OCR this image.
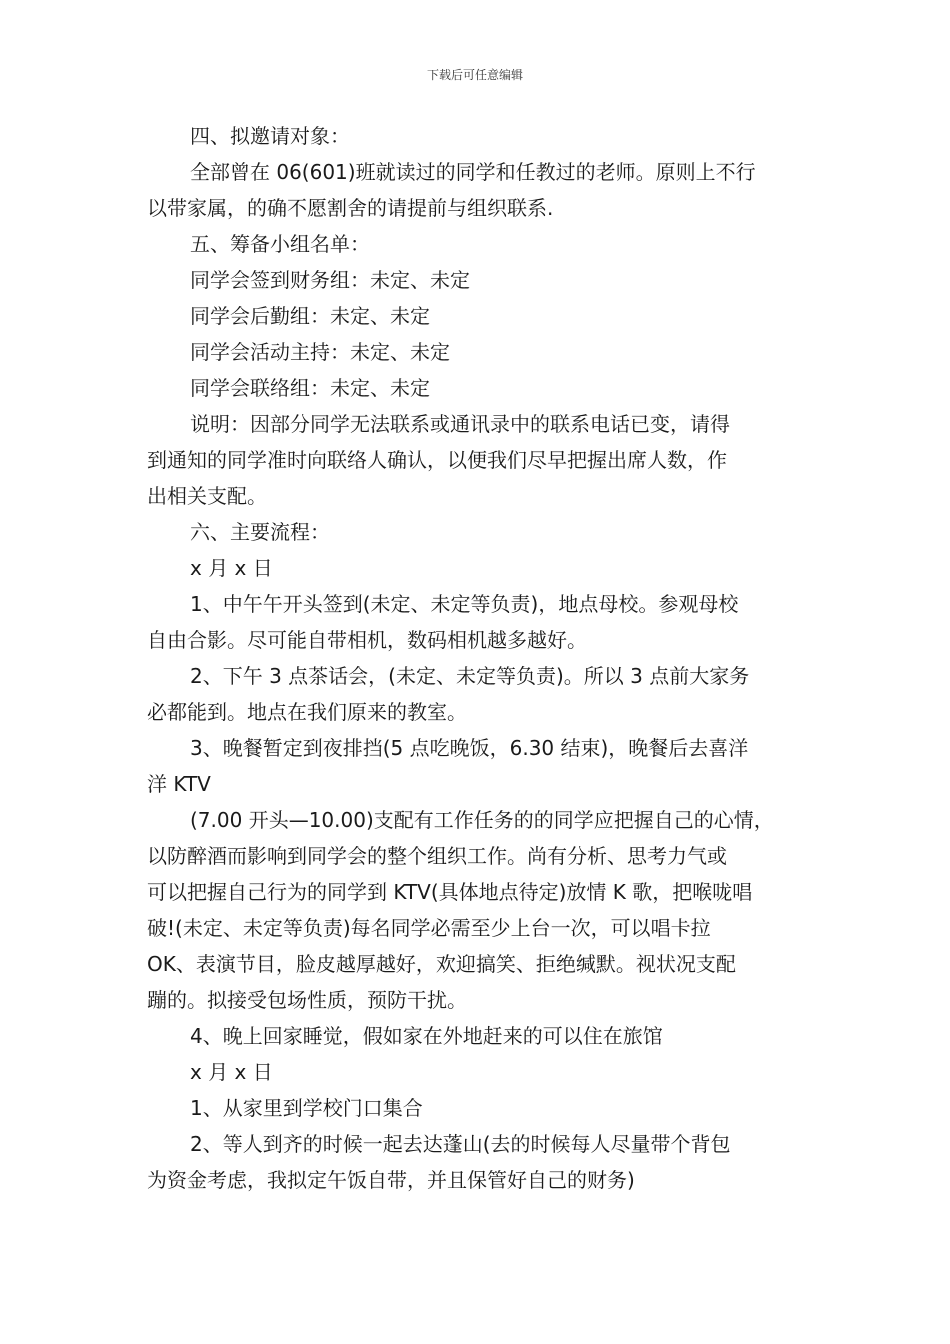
下载后可任意编辑
四、拟邀请对象：
全部曾在 06(601)班就读过的同学和任教过的老师。原则上不行
以带家属，的确不愿割舍的请提前与组织联系.
五、筹备小组名单：
同学会签到财务组：未定、未定
同学会后勤组：未定、未定
同学会活动主持：未定、未定
同学会联络组：未定、未定
说明：因部分同学无法联系或通讯录中的联系电话已变，请得
到通知的同学准时向联络人确认，以便我们尽早把握出席人数，作
出相关支配。
六、主要流程：
x 月 x 日
1、中午午开头签到(未定、未定等负责)，地点母校。参观母校
自由合影。尽可能自带相机，数码相机越多越好。
2、下午 3 点茶话会，(未定、未定等负责)。所以 3 点前大家务
必都能到。地点在我们原来的教室。
3、晚餐暂定到夜排挡(5 点吃晚饭，6.30 结束)，晚餐后去喜洋
洋 KTV
(7.00 开头—10.00)支配有工作任务的的同学应把握自己的心情，
以防醉酒而影响到同学会的整个组织工作。尚有分析、思考力气或
可以把握自己行为的同学到 KTV(具体地点待定)放情 K 歌，把喉咙唱
破!(未定、未定等负责)每名同学必需至少上台一次，可以唱卡拉
OK、表演节目，脸皮越厚越好，欢迎搞笑、拒绝缄默。视状况支配
蹦的。拟接受包场性质，预防干扰。
4、晚上回家睡觉，假如家在外地赶来的可以住在旅馆
x 月 x 日
1、从家里到学校门口集合
2、等人到齐的时候一起去达蓬山(去的时候每人尽量带个背包
为资金考虑，我拟定午饭自带，并且保管好自己的财务)
